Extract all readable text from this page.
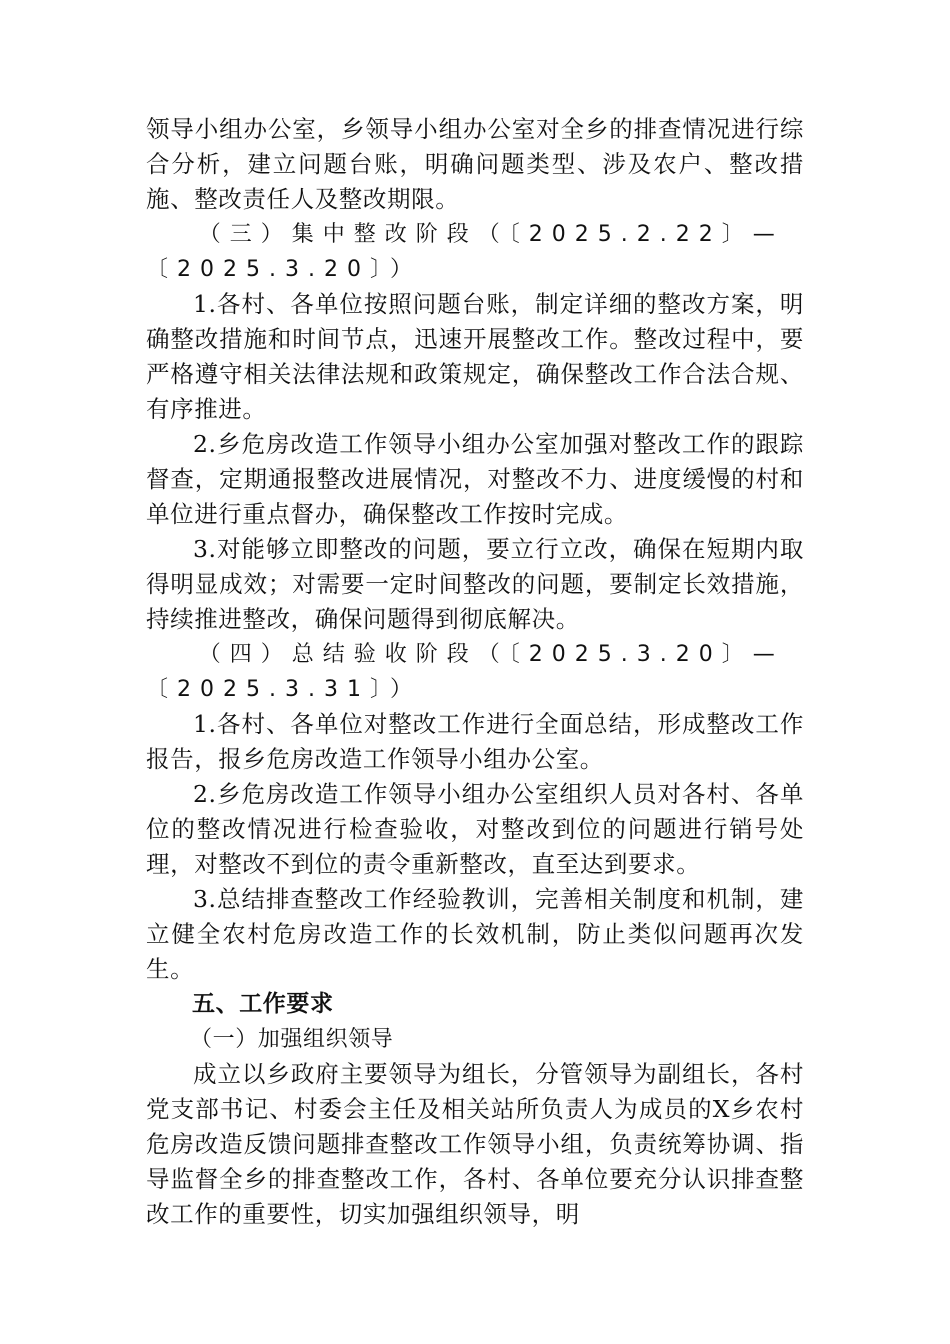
领导小组办公室，乡领导小组办公室对全乡的排查情况进行综合分析，建立问题台账，明确问题类型、涉及农户、整改措施、整改责任人及整改期限。

（三）集中整改阶段（〔2025.2.22〕—〔2025.3.20〕）

1.各村、各单位按照问题台账，制定详细的整改方案，明确整改措施和时间节点，迅速开展整改工作。整改过程中，要严格遵守相关法律法规和政策规定，确保整改工作合法合规、有序推进。

2.乡危房改造工作领导小组办公室加强对整改工作的跟踪督查，定期通报整改进展情况，对整改不力、进度缓慢的村和单位进行重点督办，确保整改工作按时完成。

3.对能够立即整改的问题，要立行立改，确保在短期内取得明显成效；对需要一定时间整改的问题，要制定长效措施，持续推进整改，确保问题得到彻底解决。

（四）总结验收阶段（〔2025.3.20〕—〔2025.3.31〕）

1.各村、各单位对整改工作进行全面总结，形成整改工作报告，报乡危房改造工作领导小组办公室。

2.乡危房改造工作领导小组办公室组织人员对各村、各单位的整改情况进行检查验收，对整改到位的问题进行销号处理，对整改不到位的责令重新整改，直至达到要求。

3.总结排查整改工作经验教训，完善相关制度和机制，建立健全农村危房改造工作的长效机制，防止类似问题再次发生。

五、工作要求

（一）加强组织领导

成立以乡政府主要领导为组长，分管领导为副组长，各村党支部书记、村委会主任及相关站所负责人为成员的X乡农村危房改造反馈问题排查整改工作领导小组，负责统筹协调、指导监督全乡的排查整改工作，各村、各单位要充分认识排查整改工作的重要性，切实加强组织领导，明
